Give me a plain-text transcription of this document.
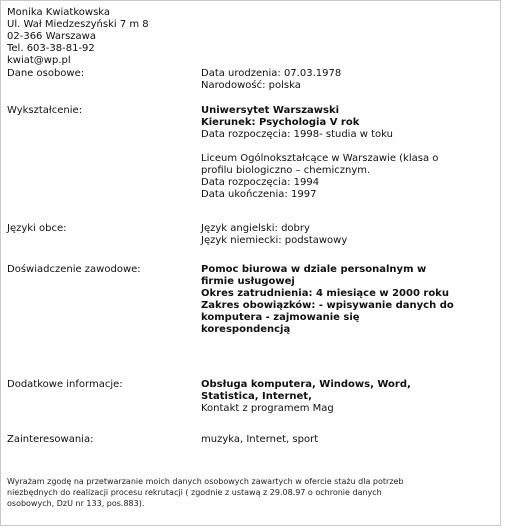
Monika Kwiatkowska
Ul. Wał Miedzeszyński 7 m 8
02-366 Warszawa
Tel. 603-38-81-92
kwiat@wp.pl
Dane osobowe:	Data urodzenia: 07.03.1978
Narodowość: polska
Wykształcenie:	Uniwersytet Warszawski
Kierunek: Psychologia V rok
Data rozpoczęcia: 1998- studia w toku
Liceum Ogólnokształcące w Warszawie (klasa o
profilu biologiczno – chemicznym.
Data rozpoczęcia: 1994
Data ukończenia: 1997
Języki obce:	Język angielski: dobry
Język niemiecki: podstawowy
Doświadczenie zawodowe:	Pomoc biurowa w dziale personalnym w
firmie usługowej
Okres zatrudnienia: 4 miesiące w 2000 roku
Zakres obowiązków: - wpisywanie danych do
komputera - zajmowanie się
korespondencją
Dodatkowe informacje:	Obsługa komputera, Windows, Word,
Statistica, Internet,
Kontakt z programem Mag
Zainteresowania:	muzyka, Internet, sport
Wyrażam zgodę na przetwarzanie moich danych osobowych zawartych w ofercie stażu dla potrzeb
niezbędnych do realizacji procesu rekrutacji ( zgodnie z ustawą z 29.08.97 o ochronie danych
osobowych, DzU nr 133, pos.883).
